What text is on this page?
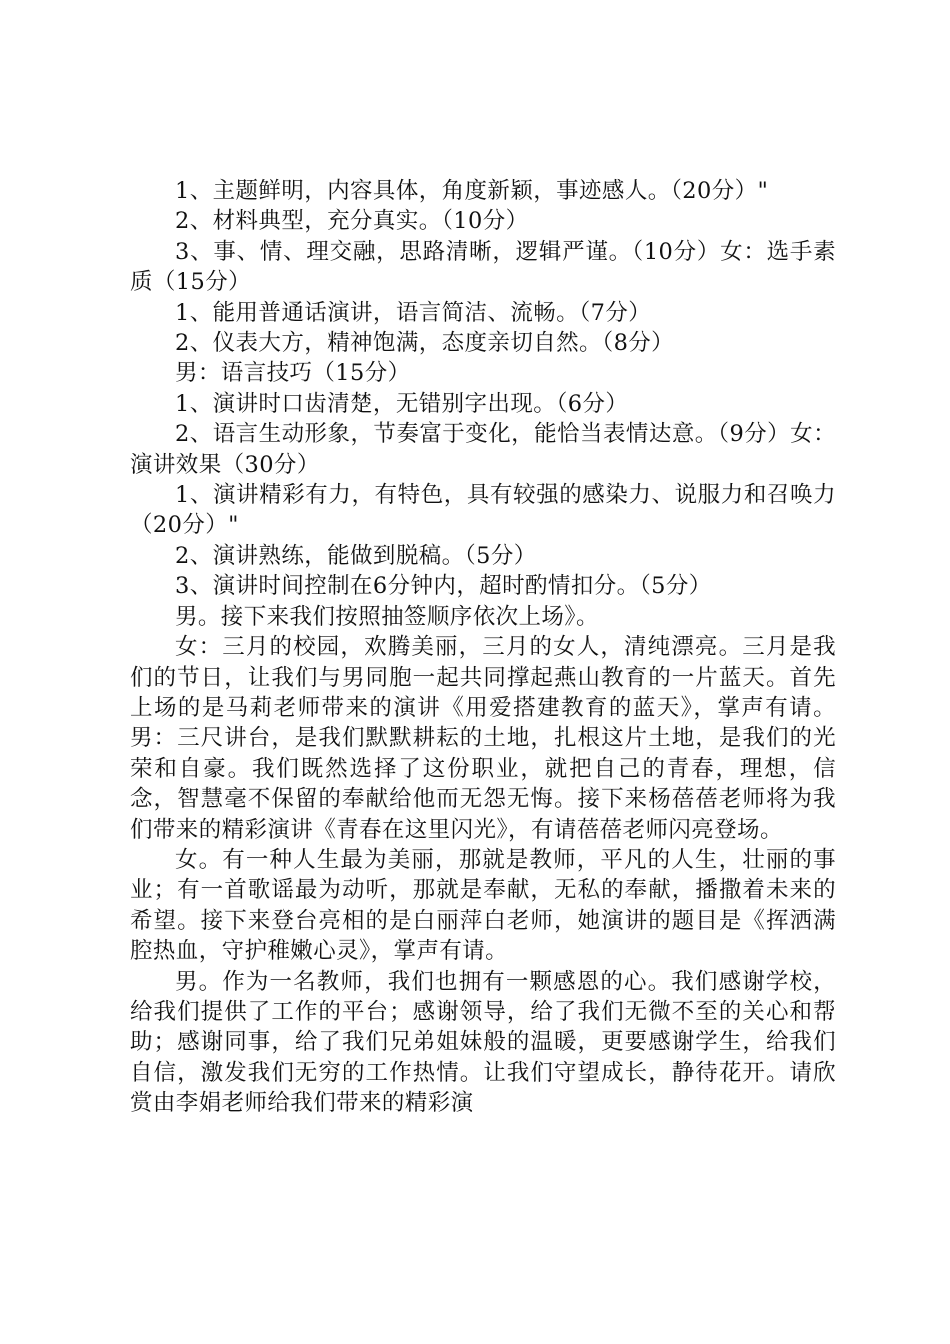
1、主题鲜明，内容具体，角度新颖，事迹感人。（20分）"

2、材料典型，充分真实。（10分）

3、事、情、理交融，思路清晰，逻辑严谨。（10分）女：选手素质（15分）

1、能用普通话演讲，语言简洁、流畅。（7分）

2、仪表大方，精神饱满，态度亲切自然。（8分）

男：语言技巧（15分）

1、演讲时口齿清楚，无错别字出现。（6分）

2、语言生动形象，节奏富于变化，能恰当表情达意。（9分）女：演讲效果（30分）

1、演讲精彩有力，有特色，具有较强的感染力、说服力和召唤力（20分）"

2、演讲熟练，能做到脱稿。（5分）

3、演讲时间控制在6分钟内，超时酌情扣分。（5分）

男。接下来我们按照抽签顺序依次上场》。

女：三月的校园，欢腾美丽，三月的女人，清纯漂亮。三月是我们的节日，让我们与男同胞一起共同撑起燕山教育的一片蓝天。首先上场的是马莉老师带来的演讲《用爱搭建教育的蓝天》，掌声有请。男：三尺讲台，是我们默默耕耘的土地，扎根这片土地，是我们的光荣和自豪。我们既然选择了这份职业，就把自己的青春，理想，信念，智慧毫不保留的奉献给他而无怨无悔。接下来杨蓓蓓老师将为我们带来的精彩演讲《青春在这里闪光》，有请蓓蓓老师闪亮登场。

女。有一种人生最为美丽，那就是教师，平凡的人生，壮丽的事业；有一首歌谣最为动听，那就是奉献，无私的奉献，播撒着未来的希望。接下来登台亮相的是白丽萍白老师，她演讲的题目是《挥洒满腔热血，守护稚嫩心灵》，掌声有请。

男。作为一名教师，我们也拥有一颗感恩的心。我们感谢学校，给我们提供了工作的平台；感谢领导，给了我们无微不至的关心和帮助；感谢同事，给了我们兄弟姐妹般的温暖，更要感谢学生，给我们自信，激发我们无穷的工作热情。让我们守望成长，静待花开。请欣赏由李娟老师给我们带来的精彩演
